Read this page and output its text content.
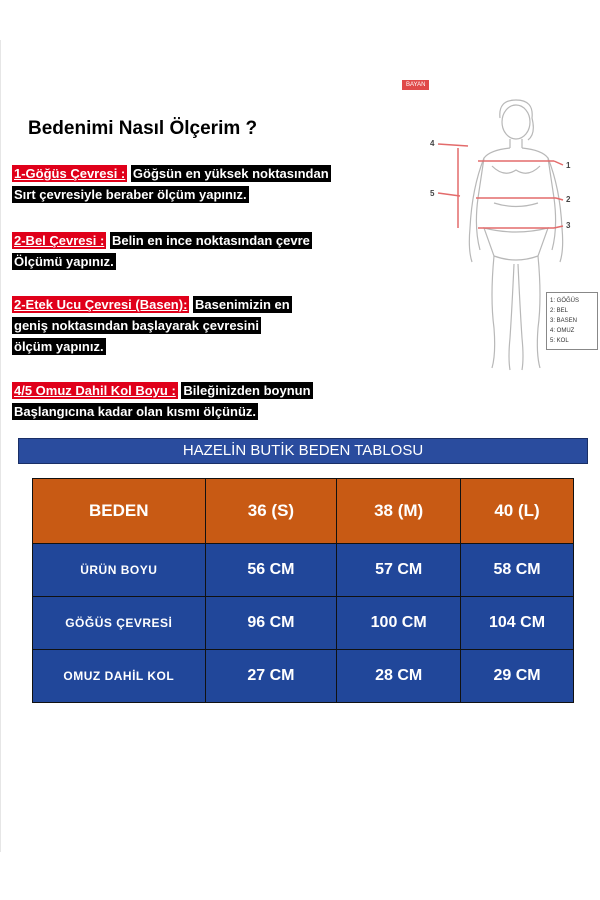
Bedenimi Nasıl Ölçerim ?
1-Göğüs Çevresi : Göğsün en yüksek noktasından
Sırt çevresiyle beraber ölçüm yapınız.
2-Bel Çevresi : Belin en ince noktasından çevre
Ölçümü yapınız.
2-Etek Ucu Çevresi (Basen): Basenimizin en
geniş noktasından başlayarak çevresini
ölçüm yapınız.
4/5 Omuz Dahil Kol Boyu : Bileğinizden boynun
Başlangıcına kadar olan kısmı ölçünüz.
BAYAN
1
2
3
4
5
1: GÖĞÜS
2: BEL
3: BASEN
4: OMUZ
5: KOL
HAZELİN BUTİK BEDEN TABLOSU
BEDEN	36 (S)	38 (M)	40 (L)
ÜRÜN BOYU	56 CM	57 CM	58 CM
GÖĞÜS ÇEVRESİ	96 CM	100 CM	104 CM
OMUZ DAHİL KOL	27 CM	28 CM	29 CM
